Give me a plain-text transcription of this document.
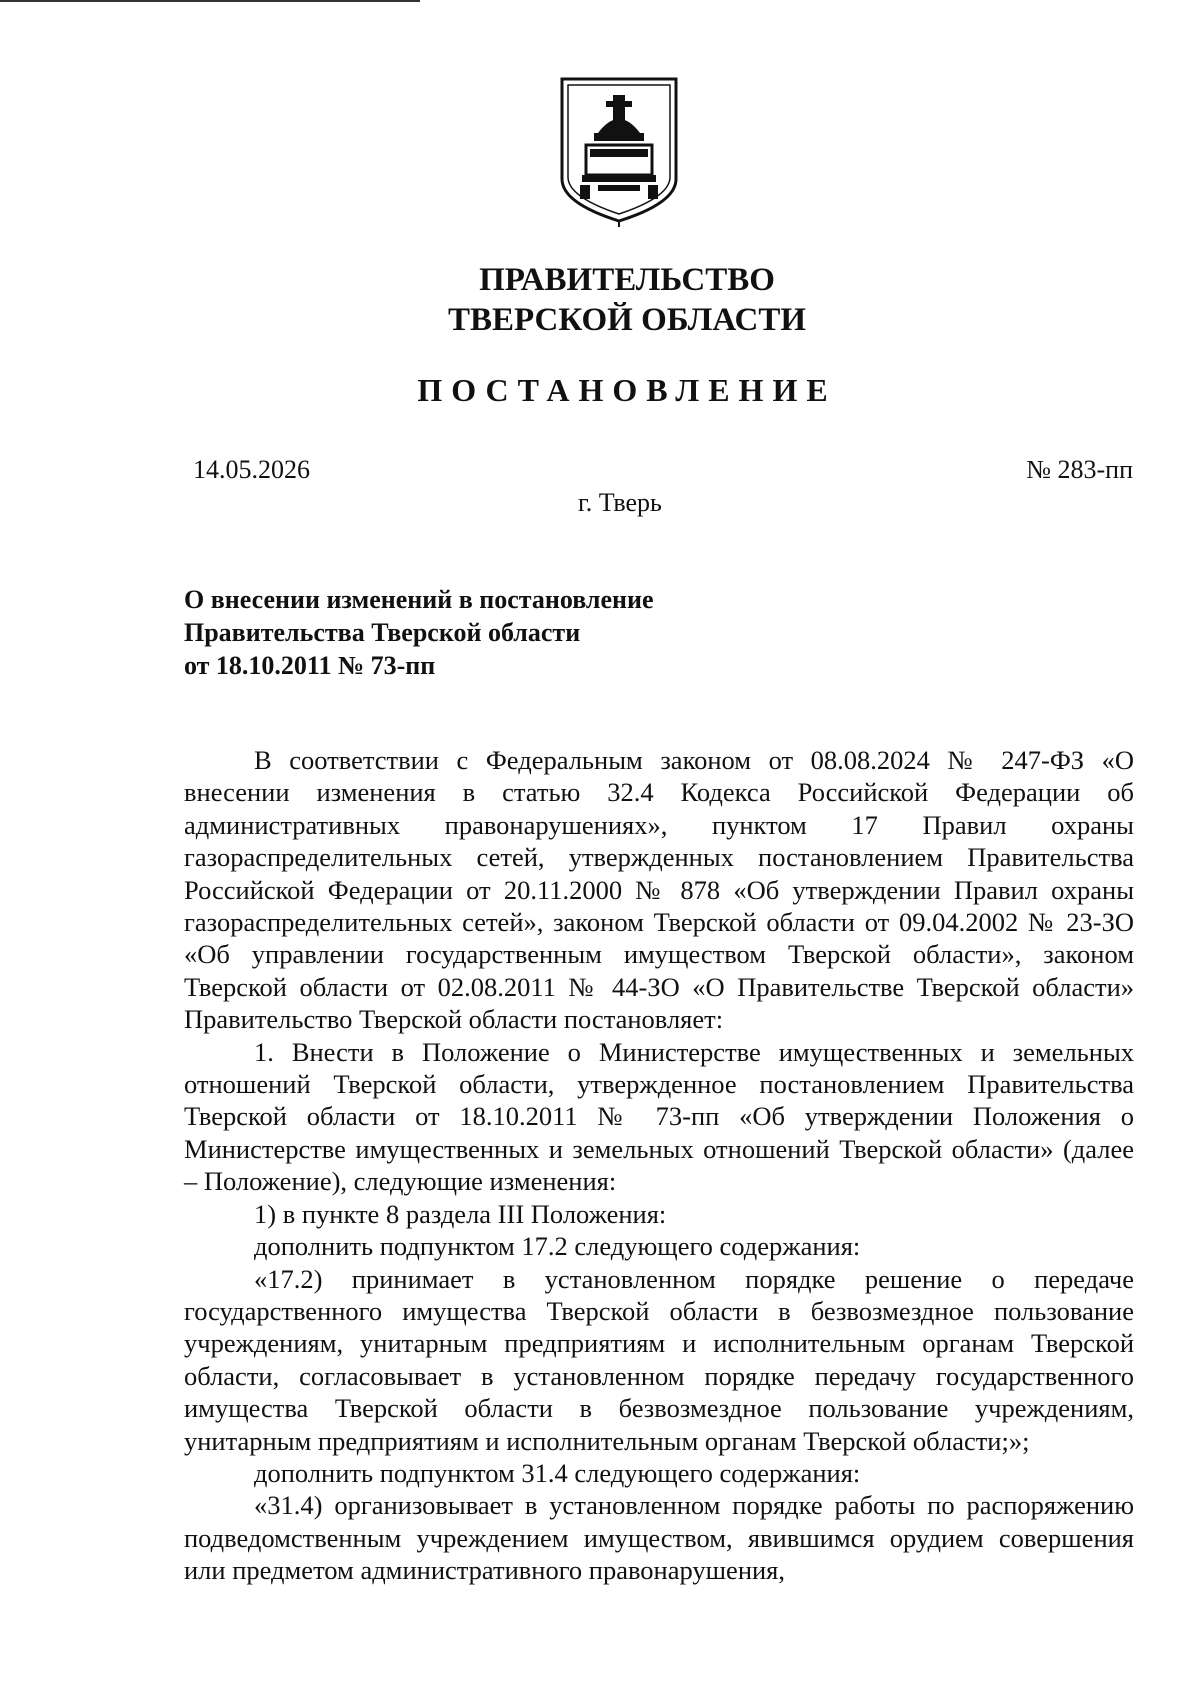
ПРАВИТЕЛЬСТВО
ТВЕРСКОЙ ОБЛАСТИ
ПОСТАНОВЛЕНИЕ
14.05.2026	№ 283-пп
г. Тверь
О внесении изменений в постановление
Правительства Тверской области
от 18.10.2011 № 73-пп

В соответствии с Федеральным законом от 08.08.2024 № 247-ФЗ «О внесении изменения в статью 32.4 Кодекса Российской Федерации об административных правонарушениях», пунктом 17 Правил охраны газораспределительных сетей, утвержденных постановлением Правительства Российской Федерации от 20.11.2000 № 878 «Об утверждении Правил охраны газораспределительных сетей», законом Тверской области от 09.04.2002 № 23-ЗО «Об управлении государственным имуществом Тверской области», законом Тверской области от 02.08.2011 № 44-ЗО «О Правительстве Тверской области» Правительство Тверской области постановляет:

1. Внести в Положение о Министерстве имущественных и земельных отношений Тверской области, утвержденное постановлением Правительства Тверской области от 18.10.2011 № 73-пп «Об утверждении Положения о Министерстве имущественных и земельных отношений Тверской области» (далее – Положение), следующие изменения:

1) в пункте 8 раздела III Положения:

дополнить подпунктом 17.2 следующего содержания:

«17.2) принимает в установленном порядке решение о передаче государственного имущества Тверской области в безвозмездное пользование учреждениям, унитарным предприятиям и исполнительным органам Тверской области, согласовывает в установленном порядке передачу государственного имущества Тверской области в безвозмездное пользование учреждениям, унитарным предприятиям и исполнительным органам Тверской области;»;

дополнить подпунктом 31.4 следующего содержания:

«31.4) организовывает в установленном порядке работы по распоряжению подведомственным учреждением имуществом, явившимся орудием совершения или предметом административного правонарушения,
